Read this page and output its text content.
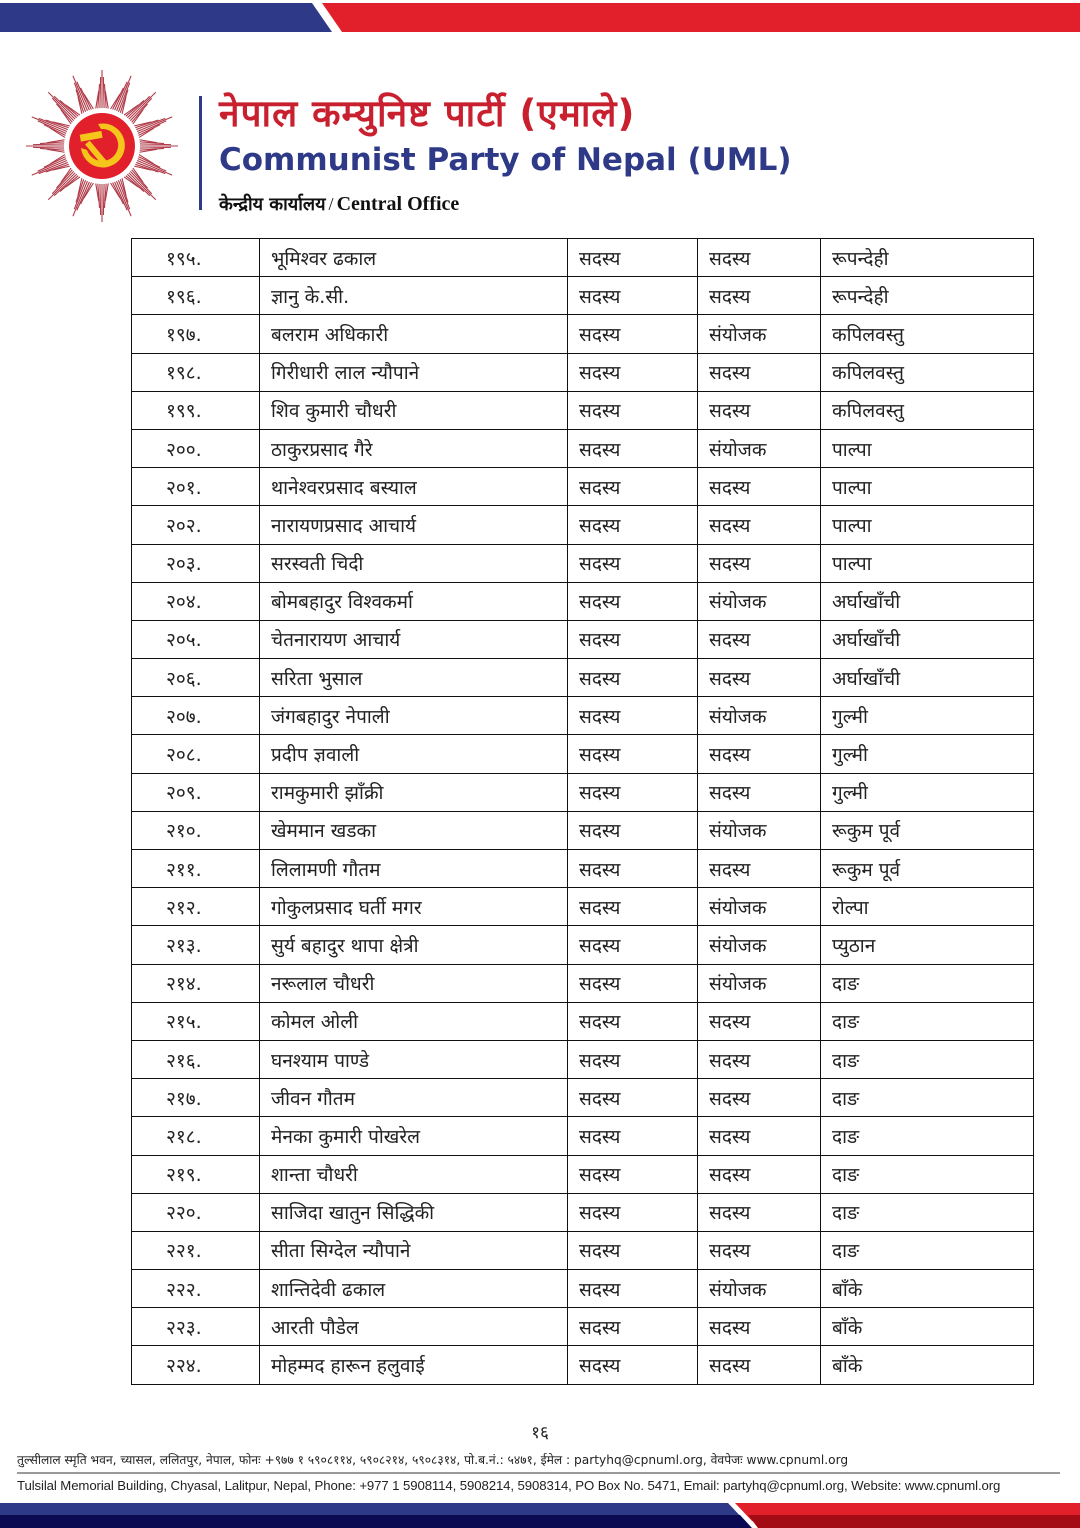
नेपाल कम्युनिष्ट पार्टी (एमाले)
Communist Party of Nepal (UML)
केन्द्रीय कार्यालय / Central Office
१९५.	भूमिश्वर ढकाल	सदस्य	सदस्य	रूपन्देही
१९६.	ज्ञानु के.सी.	सदस्य	सदस्य	रूपन्देही
१९७.	बलराम अधिकारी	सदस्य	संयोजक	कपिलवस्तु
१९८.	गिरीधारी लाल न्यौपाने	सदस्य	सदस्य	कपिलवस्तु
१९९.	शिव कुमारी चौधरी	सदस्य	सदस्य	कपिलवस्तु
२००.	ठाकुरप्रसाद गैरे	सदस्य	संयोजक	पाल्पा
२०१.	थानेश्वरप्रसाद बस्याल	सदस्य	सदस्य	पाल्पा
२०२.	नारायणप्रसाद आचार्य	सदस्य	सदस्य	पाल्पा
२०३.	सरस्वती चिदी	सदस्य	सदस्य	पाल्पा
२०४.	बोमबहादुर विश्वकर्मा	सदस्य	संयोजक	अर्घाखाँची
२०५.	चेतनारायण आचार्य	सदस्य	सदस्य	अर्घाखाँची
२०६.	सरिता भुसाल	सदस्य	सदस्य	अर्घाखाँची
२०७.	जंगबहादुर नेपाली	सदस्य	संयोजक	गुल्मी
२०८.	प्रदीप ज्ञवाली	सदस्य	सदस्य	गुल्मी
२०९.	रामकुमारी झाँक्री	सदस्य	सदस्य	गुल्मी
२१०.	खेममान खडका	सदस्य	संयोजक	रूकुम पूर्व
२११.	लिलामणी गौतम	सदस्य	सदस्य	रूकुम पूर्व
२१२.	गोकुलप्रसाद घर्ती मगर	सदस्य	संयोजक	रोल्पा
२१३.	सुर्य बहादुर थापा क्षेत्री	सदस्य	संयोजक	प्युठान
२१४.	नरूलाल चौधरी	सदस्य	संयोजक	दाङ
२१५.	कोमल ओली	सदस्य	सदस्य	दाङ
२१६.	घनश्याम पाण्डे	सदस्य	सदस्य	दाङ
२१७.	जीवन गौतम	सदस्य	सदस्य	दाङ
२१८.	मेनका कुमारी पोखरेल	सदस्य	सदस्य	दाङ
२१९.	शान्ता चौधरी	सदस्य	सदस्य	दाङ
२२०.	साजिदा खातुन सिद्धिकी	सदस्य	सदस्य	दाङ
२२१.	सीता सिग्देल न्यौपाने	सदस्य	सदस्य	दाङ
२२२.	शान्तिदेवी ढकाल	सदस्य	संयोजक	बाँके
२२३.	आरती पौडेल	सदस्य	सदस्य	बाँके
२२४.	मोहम्मद हारून हलुवाई	सदस्य	सदस्य	बाँके
१६
तुल्सीलाल स्मृति भवन, च्यासल, ललितपुर, नेपाल, फोनः +९७७ १ ५९०८११४, ५९०८२१४, ५९०८३१४, पो.ब.नं.: ५४७१, ईमेल : partyhq@cpnuml.org, वेवपेजः www.cpnuml.org
Tulsilal Memorial Building, Chyasal, Lalitpur, Nepal, Phone: +977 1 5908114, 5908214, 5908314, PO Box No. 5471, Email: partyhq@cpnuml.org, Website: www.cpnuml.org
